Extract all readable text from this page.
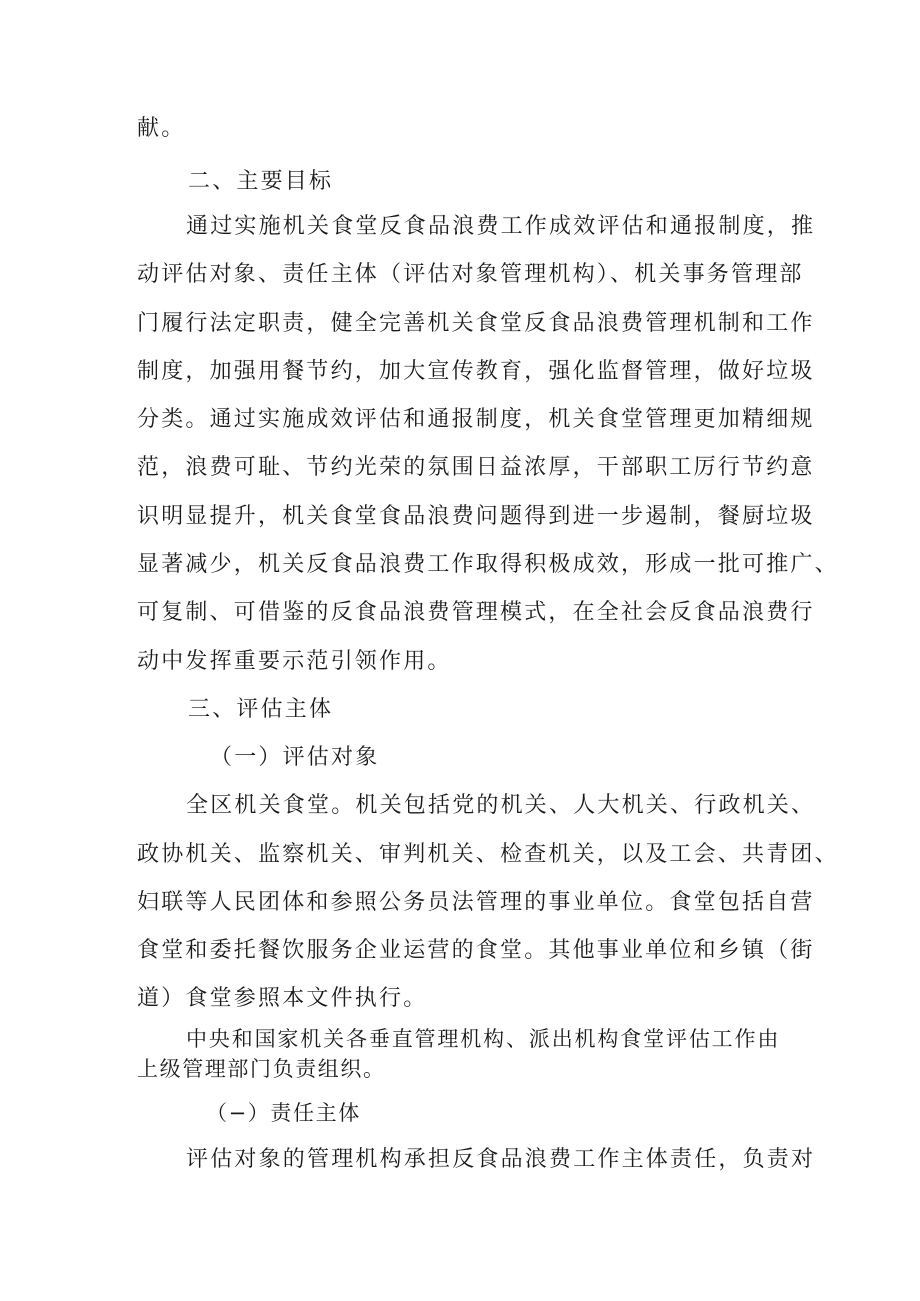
献。
二、主要目标
通过实施机关食堂反食品浪费工作成效评估和通报制度，推
动评估对象、责任主体（评估对象管理机构）、机关事务管理部
门履行法定职责，健全完善机关食堂反食品浪费管理机制和工作
制度，加强用餐节约，加大宣传教育，强化监督管理，做好垃圾
分类。通过实施成效评估和通报制度，机关食堂管理更加精细规
范，浪费可耻、节约光荣的氛围日益浓厚，干部职工厉行节约意
识明显提升，机关食堂食品浪费问题得到进一步遏制，餐厨垃圾
显著减少，机关反食品浪费工作取得积极成效，形成一批可推广、
可复制、可借鉴的反食品浪费管理模式，在全社会反食品浪费行
动中发挥重要示范引领作用。
三、评估主体
（一）评估对象
全区机关食堂。机关包括党的机关、人大机关、行政机关、
政协机关、监察机关、审判机关、检查机关，以及工会、共青团、
妇联等人民团体和参照公务员法管理的事业单位。食堂包括自营
食堂和委托餐饮服务企业运营的食堂。其他事业单位和乡镇（街
道）食堂参照本文件执行。
中央和国家机关各垂直管理机构、派出机构食堂评估工作由
上级管理部门负责组织。
（−）责任主体
评估对象的管理机构承担反食品浪费工作主体责任，负责对
